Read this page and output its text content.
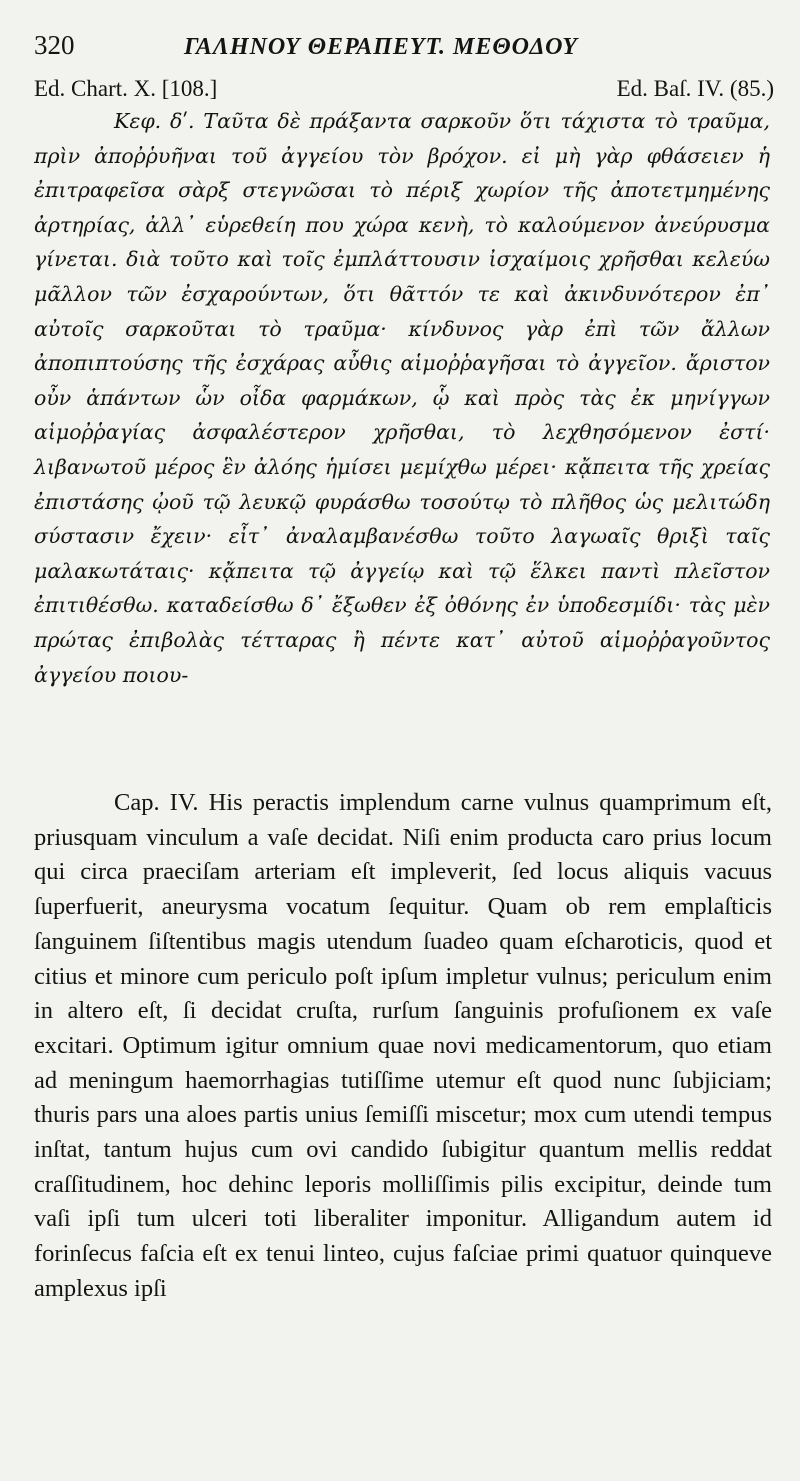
320	ΓΑΛΗΝΟΥ ΘΕΡΑΠΕΥΤ. ΜΕΘΟΔΟΥ
Ed. Chart. X. [108.]	Ed. Baſ. IV. (85.)

Κεφ. δʹ. Ταῦτα δὲ πράξαντα σαρκοῦν ὅτι τάχιστα τὸ τραῦμα, πρὶν ἀποῤῥυῆναι τοῦ ἀγγείου τὸν βρόχον. εἰ μὴ γὰρ φθάσειεν ἡ ἐπιτραφεῖσα σὰρξ στεγνῶσαι τὸ πέριξ χωρίον τῆς ἀποτετμημένης ἀρτηρίας, ἀλλ᾽ εὑρεθείη που χώρα κενὴ, τὸ καλούμενον ἀνεύρυσμα γίνεται. διὰ τοῦτο καὶ τοῖς ἐμπλάττουσιν ἰσχαίμοις χρῆσθαι κελεύω μᾶλλον τῶν ἐσχαρούντων, ὅτι θᾶττόν τε καὶ ἀκινδυνότερον ἐπ᾽ αὐτοῖς σαρκοῦται τὸ τραῦμα· κίνδυνος γὰρ ἐπὶ τῶν ἄλλων ἀποπιπτούσης τῆς ἐσχάρας αὖθις αἱμοῤῥαγῆσαι τὸ ἀγγεῖον. ἄριστον οὖν ἁπάντων ὧν οἶδα φαρμάκων, ᾧ καὶ πρὸς τὰς ἐκ μηνίγγων αἱμοῤῥαγίας ἀσφαλέστερον χρῆσθαι, τὸ λεχθησόμενον ἐστί· λιβανωτοῦ μέρος ἓν ἀλόης ἡμίσει μεμίχθω μέρει· κᾄπειτα τῆς χρείας ἐπιστάσης ᾠοῦ τῷ λευκῷ φυράσθω τοσούτῳ τὸ πλῆθος ὡς μελιτώδη σύστασιν ἔχειν· εἶτ᾽ ἀναλαμβανέσθω τοῦτο λαγωαῖς θριξὶ ταῖς μαλακωτάταις· κᾄπειτα τῷ ἀγγείῳ καὶ τῷ ἕλκει παντὶ πλεῖστον ἐπιτιθέσθω. καταδείσθω δ᾽ ἔξωθεν ἐξ ὀθόνης ἐν ὑποδεσμίδι· τὰς μὲν πρώτας ἐπιβολὰς τέτταρας ἢ πέντε κατ᾽ αὐτοῦ αἱμοῤῥαγοῦντος ἀγγείου ποιου-

Cap. IV. His peractis implendum carne vulnus quamprimum eſt, priusquam vinculum a vaſe decidat. Niſi enim producta caro prius locum qui circa praeciſam arteriam eſt impleverit, ſed locus aliquis vacuus ſuperfuerit, aneurysma vocatum ſequitur. Quam ob rem emplaſticis ſanguinem ſiſtentibus magis utendum ſuadeo quam eſcharoticis, quod et citius et minore cum periculo poſt ipſum impletur vulnus; periculum enim in altero eſt, ſi decidat cruſta, rurſum ſanguinis profuſionem ex vaſe excitari. Optimum igitur omnium quae novi medicamentorum, quo etiam ad meningum haemorrhagias tutiſſime utemur eſt quod nunc ſubjiciam; thuris pars una aloes partis unius ſemiſſi miscetur; mox cum utendi tempus inſtat, tantum hujus cum ovi candido ſubigitur quantum mellis reddat craſſitudinem, hoc dehinc leporis molliſſimis pilis excipitur, deinde tum vaſi ipſi tum ulceri toti liberaliter imponitur. Alligandum autem id forinſecus faſcia eſt ex tenui linteo, cujus faſciae primi quatuor quinqueve amplexus ipſi
